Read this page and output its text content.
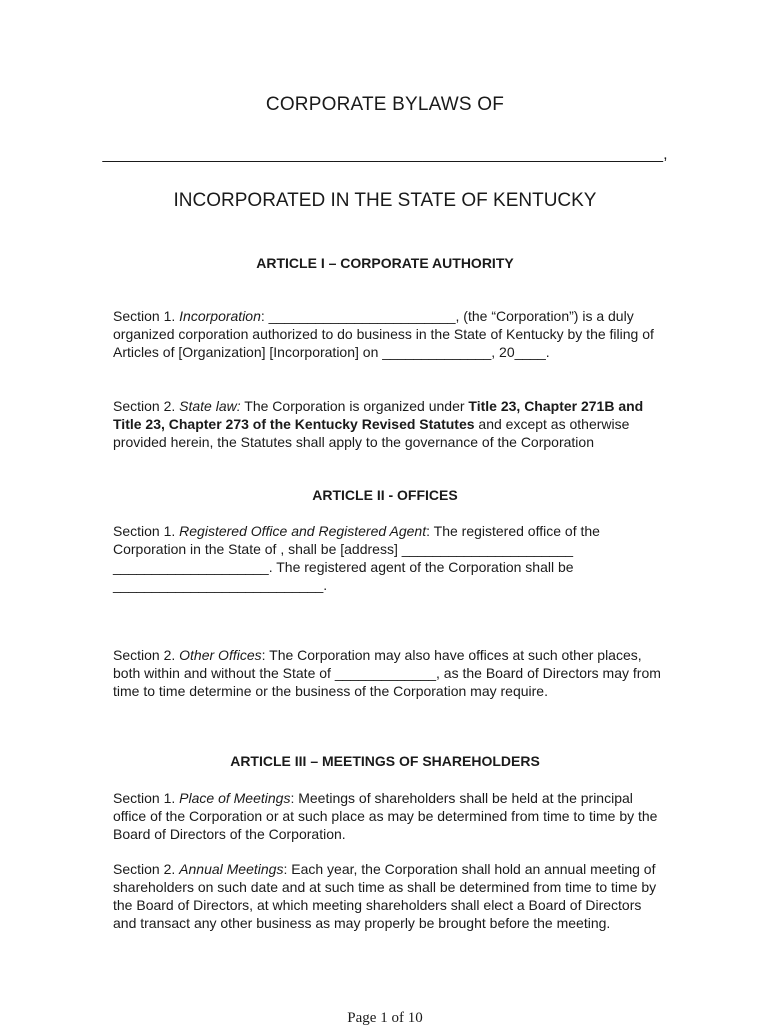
CORPORATE BYLAWS OF
_______________________________________________________________,
INCORPORATED IN THE STATE OF KENTUCKY
ARTICLE I – CORPORATE AUTHORITY
Section 1. Incorporation: ________________________, (the “Corporation”) is a duly organized corporation authorized to do business in the State of Kentucky by the filing of Articles of [Organization] [Incorporation] on ______________, 20____.
Section 2. State law: The Corporation is organized under Title 23, Chapter 271B and Title 23, Chapter 273 of the Kentucky Revised Statutes and except as otherwise provided herein, the Statutes shall apply to the governance of the Corporation
ARTICLE II - OFFICES
Section 1. Registered Office and Registered Agent: The registered office of the Corporation in the State of , shall be [address] ______________________ ____________________. The registered agent of the Corporation shall be ___________________________.
Section 2. Other Offices: The Corporation may also have offices at such other places, both within and without the State of _____________, as the Board of Directors may from time to time determine or the business of the Corporation may require.
ARTICLE III – MEETINGS OF SHAREHOLDERS
Section 1. Place of Meetings: Meetings of shareholders shall be held at the principal office of the Corporation or at such place as may be determined from time to time by the Board of Directors of the Corporation.
Section 2. Annual Meetings: Each year, the Corporation shall hold an annual meeting of shareholders on such date and at such time as shall be determined from time to time by the Board of Directors, at which meeting shareholders shall elect a Board of Directors and transact any other business as may properly be brought before the meeting.
Page 1 of 10
